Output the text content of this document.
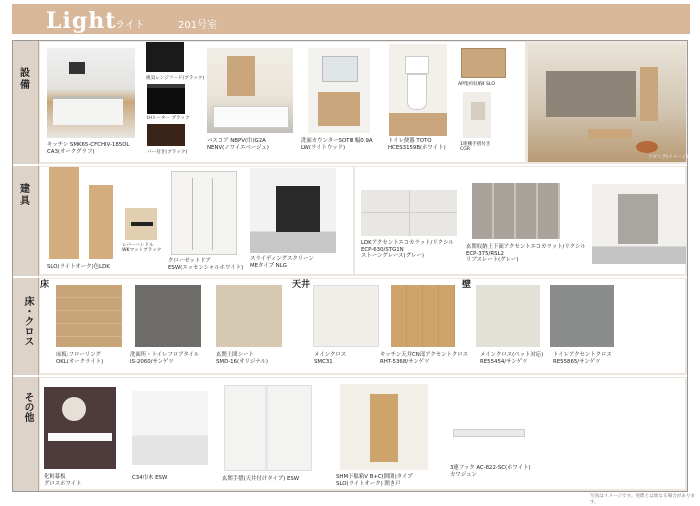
Light
ライト	201号室
設備
建具
床・クロス
その他
キッチン SMK65-CFCHIV-185OL
CA3(オークグラフ)
換気レンジフード(ブラック)
IHヒーター ブラック
バー付き(ブラック)
バスコア NBPV(巾)G2A
NENV(ノワイエベージュ)
洗面カウンターSOTⅢ 幅0.9A
LW(ライトウッド)
トイレ便器 TOTO
HCES3159B(ホワイト)
AP集約収納Ⅱ SLO
1連棚手摺付き
CGR
リビング(イメージ)
SLO(ライトオーク)色LDK
レバーハンドル
WKマットブラック
クローゼットドア
ESW(エッセンシャルホワイト)
スライディングスクリーン
MEタイプ NLG
LDKアクセントエコカラット/リクシル
ECP-630/STG1N
ストーングレース(グレー)
玄関収納上下面アクセントエコカラット/リクシル
ECP-375/RSL2
リブスレート(グレー)
床	天井	壁
床板:フローリング
OKL(オークライト)
洗面所・トイレフロアタイル
IS-2060/サンゲツ
玄関土間シート
SMD-16(オリジナル)
メインクロス
SMC31
キッチン天井CN部アクセントクロス
RHT-5368/サンゲツ
メインクロス(ペット対応)
RE55454/サンゲツ
トイレアクセントクロス
RE55865/サンゲツ
化粧幕板
グロスホワイト
C34巾木 ESW	玄関手摺(天井付けタイプ) ESW	SHM下駄箱Ⅴ B+C(開閉)タイプ
SLO(ライトオーク) 開き戸
3連フック AC-822-SC(ホワイト)
カワジュン
写真はイメージです。実際とは異なる場合があります。
